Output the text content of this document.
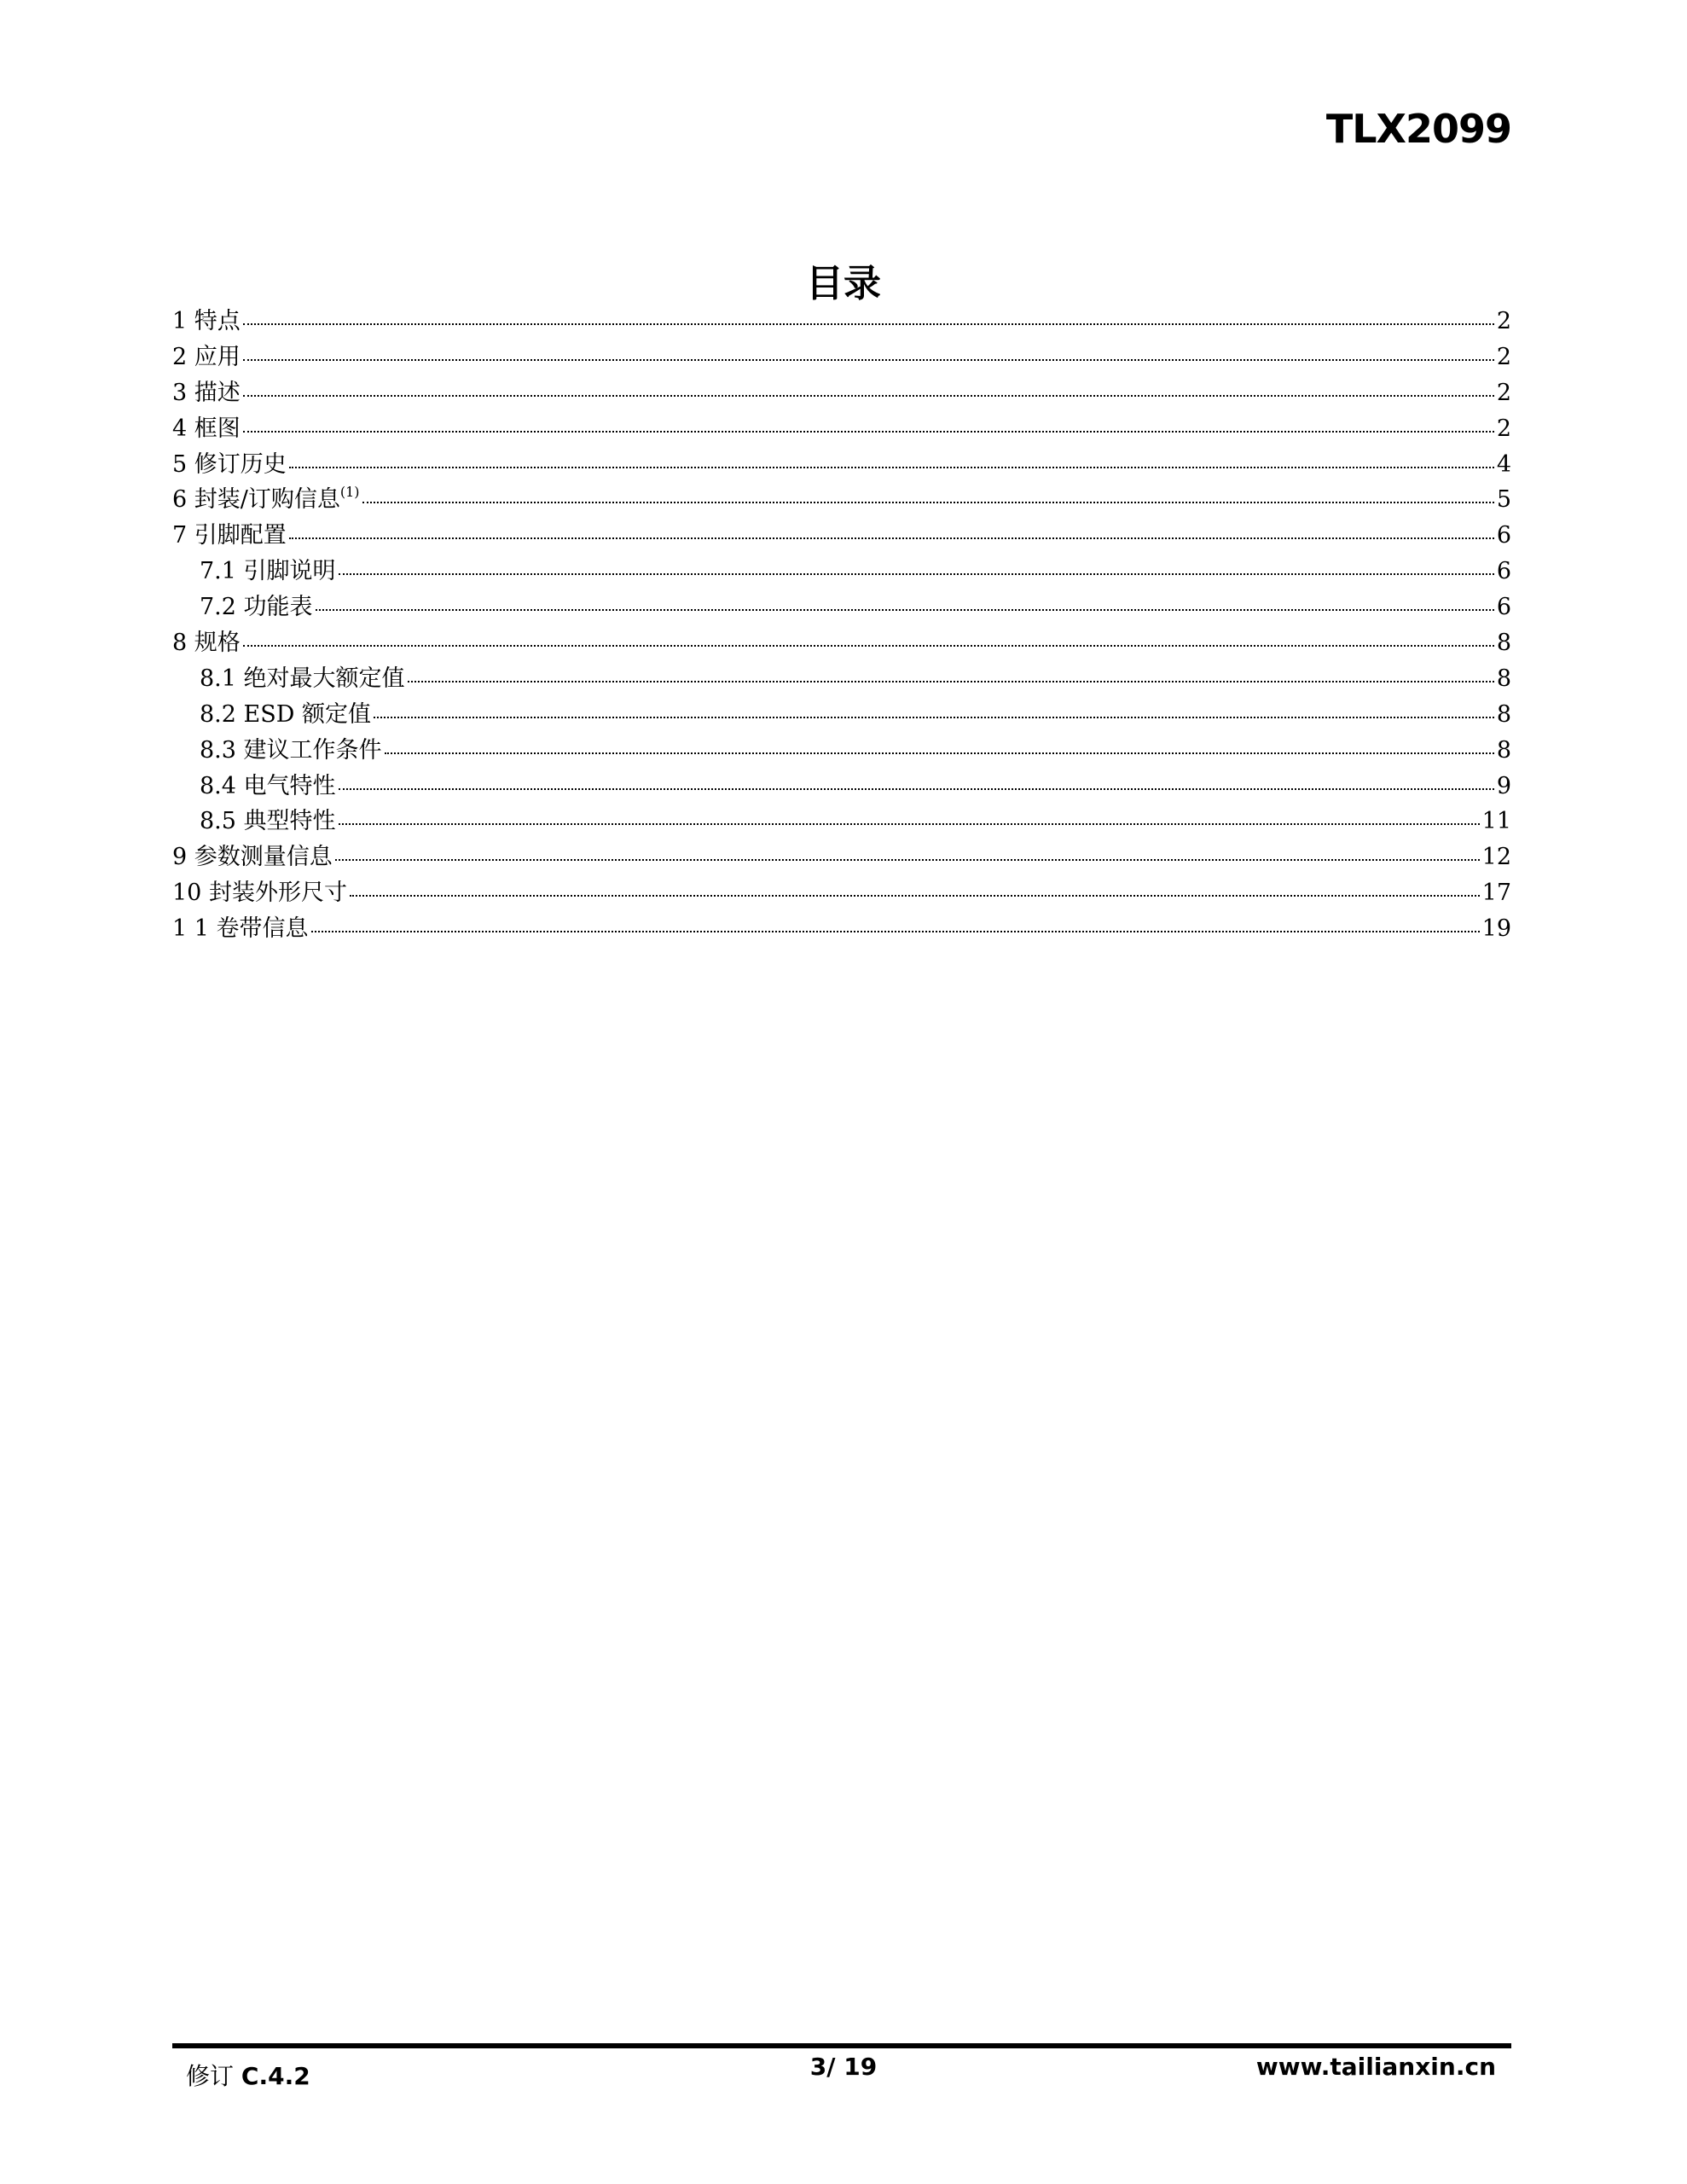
TLX2099
目录
1 特点	2
2 应用	2
3 描述	2
4 框图	2
5 修订历史	4
6 封装/订购信息$^{(1)}$	5
7 引脚配置	6
7.1 引脚说明	6
7.2 功能表	6
8 规格	8
8.1 绝对最大额定值	8
8.2 ESD 额定值	8
8.3 建议工作条件	8
8.4 电气特性	9
8.5 典型特性	11
9 参数测量信息	12
10 封装外形尺寸	17
1 1 卷带信息	19
修订 C.4.2	3/ 19	www.tailianxin.cn
